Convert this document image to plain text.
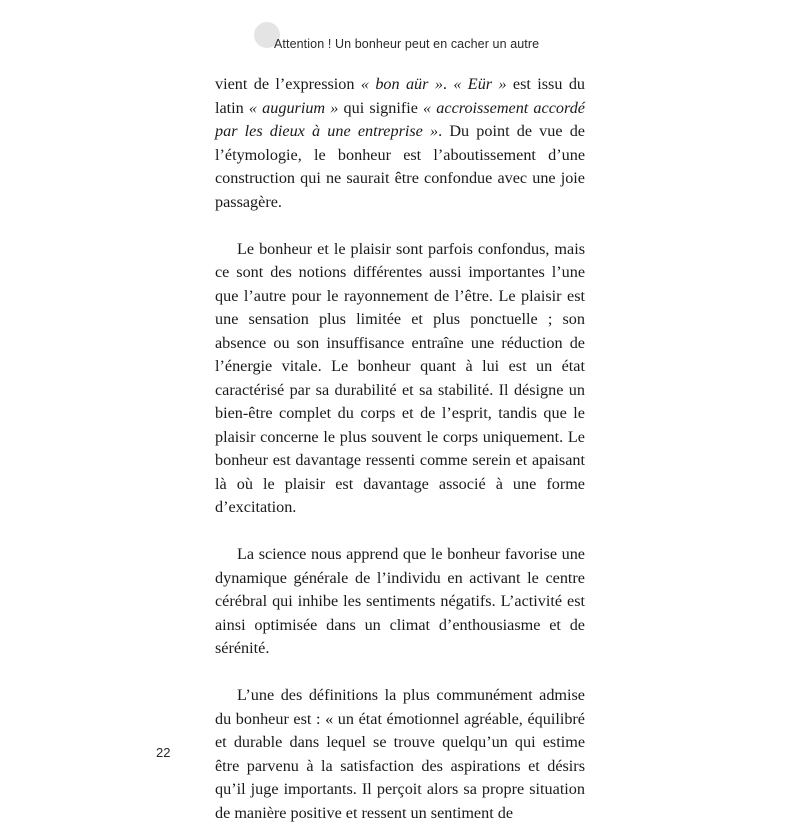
Attention ! Un bonheur peut en cacher un autre

vient de l’expression « bon aür ». « Eür » est issu du latin « augurium » qui signifie « accroissement accordé par les dieux à une entreprise ». Du point de vue de l’étymologie, le bonheur est l’aboutissement d’une construction qui ne saurait être confondue avec une joie passagère.

Le bonheur et le plaisir sont parfois confondus, mais ce sont des notions différentes aussi importantes l’une que l’autre pour le rayonnement de l’être. Le plaisir est une sensation plus limitée et plus ponctuelle ; son absence ou son insuffisance entraîne une réduction de l’énergie vitale. Le bonheur quant à lui est un état caractérisé par sa durabilité et sa stabilité. Il désigne un bien-être complet du corps et de l’esprit, tandis que le plaisir concerne le plus souvent le corps uniquement. Le bonheur est davantage ressenti comme serein et apaisant là où le plaisir est davantage associé à une forme d’excitation.

La science nous apprend que le bonheur favorise une dynamique générale de l’individu en activant le centre cérébral qui inhibe les sentiments négatifs. L’activité est ainsi optimisée dans un climat d’enthousiasme et de sérénité.

L’une des définitions la plus communément admise du bonheur est : « un état émotionnel agréable, équilibré et durable dans lequel se trouve quelqu’un qui estime être parvenu à la satisfaction des aspirations et désirs qu’il juge importants. Il perçoit alors sa propre situation de manière positive et ressent un sentiment de

22
